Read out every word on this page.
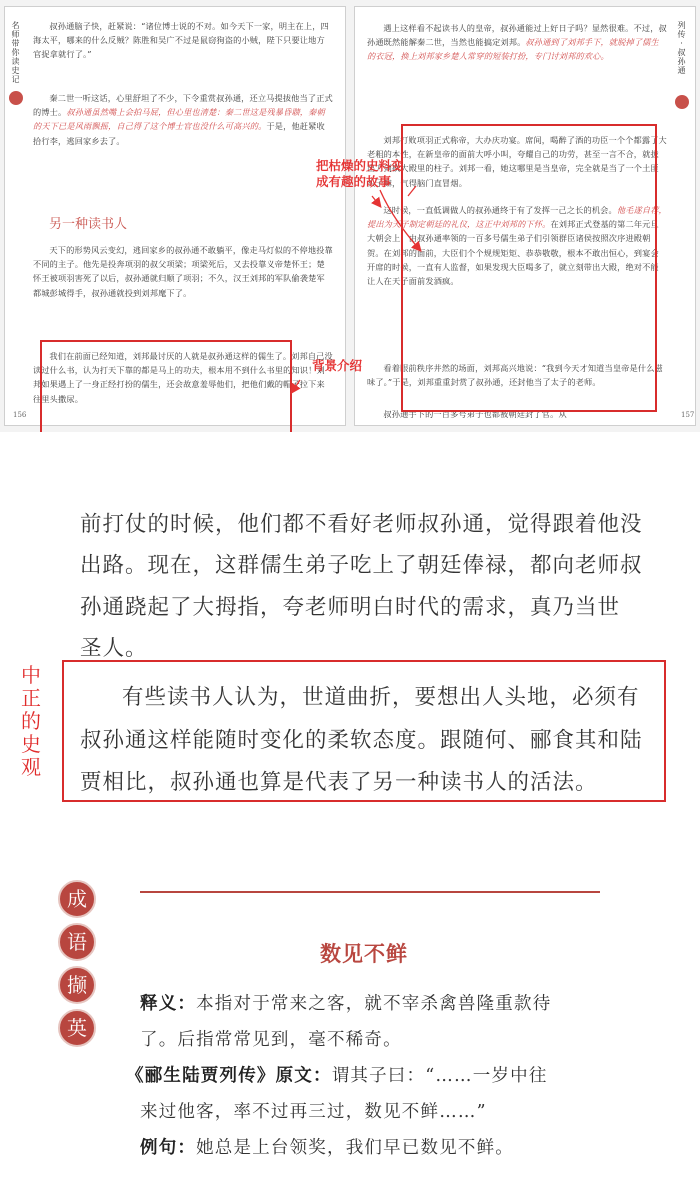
名师带你读史记
叔孙通脑子快，赶紧说：“诸位博士说的不对。如今天下一家，明主在上，四海太平，哪来的什么反贼？陈胜和吴广不过是鼠窃狗盗的小贼，陛下只要让地方官捉拿就行了。”
秦二世一听这话，心里舒坦了不少，下令重赏叔孙通，还立马提拔他当了正式的博士。叔孙通虽然嘴上会拍马屁，但心里也清楚：秦二世这是残暴昏聩，秦朝的天下已是风雨飘摇，自己得了这个博士官也没什么可高兴的。于是，他赶紧收拾行李，逃回家乡去了。
另一种读书人
天下的形势风云变幻，逃回家乡的叔孙通不敢躺平，像走马灯似的不停地投靠不同的主子。他先是投奔项羽的叔父项梁；项梁死后，又去投靠义帝楚怀王；楚怀王被项羽害死了以后，叔孙通就归顺了项羽；不久，汉王刘邦的军队偷袭楚军都城彭城得手，叔孙通就投到刘邦麾下了。
我们在前面已经知道，刘邦最讨厌的人就是叔孙通这样的儒生了。刘邦自己没读过什么书，认为打天下靠的都是马上的功夫，根本用不到什么书里的知识！刘邦如果遇上了一身正经打扮的儒生，还会故意羞辱他们，把他们戴的帽子拉下来往里头撒尿。
156
列传·叔孙通
遇上这样看不起读书人的皇帝，叔孙通能过上好日子吗？显然很难。不过，叔孙通既然能解秦二世，当然也能搞定刘邦。叔孙通到了刘邦手下，就脱掉了儒生的衣冠，换上刘邦家乡楚人常穿的短装打扮，专门讨刘邦的欢心。
刘邦打败项羽正式称帝，大办庆功宴。席间，喝醉了酒的功臣一个个都露了大老粗的本性，在新皇帝的面前大呼小叫，夸耀自己的功劳，甚至一言不合，就拔出刀剑砍大殿里的柱子。刘邦一看，她这哪里是当皇帝，完全就是当了一个土匪头子嘛，气得脑门直冒烟。
这时候，一直低调做人的叔孙通终于有了发挥一己之长的机会。他毛遂自荐，提出为天子制定朝廷的礼仪，这正中刘邦的下怀。在刘邦正式登基的第二年元旦大朝会上，由叔孙通率领的一百多号儒生弟子们引领群臣诸侯按照次序进殿朝贺。在刘邦的面前，大臣们个个规规矩矩、恭恭敬敬，根本不敢出恒心，到宴会开席的时候，一直有人监督，如果发现大臣喝多了，就立刻带出大殿，绝对不能让人在天子面前发酒疯。
看着眼前秩序井然的场面，刘邦高兴地说：“我到今天才知道当皇帝是什么滋味了。”于是，刘邦重重封赏了叔孙通，还封他当了太子的老师。
叔孙通手下的一百多号弟子也都被朝廷封了官。从	157
把枯燥的史料变成有趣的故事
背景介绍
前打仗的时候，他们都不看好老师叔孙通，觉得跟着他没
出路。现在，这群儒生弟子吃上了朝廷俸禄，都向老师叔
孙通跷起了大拇指，夸老师明白时代的需求，真乃当世
圣人。
有些读书人认为，世道曲折，要想出人头地，必须有
叔孙通这样能随时变化的柔软态度。跟随何、郦食其和陆
贾相比，叔孙通也算是代表了另一种读书人的活法。
中正的史观
成
语
撷
英
数见不鲜
释义：本指对于常来之客，就不宰杀禽兽隆重款待
了。后指常常见到，毫不稀奇。
《郦生陆贾列传》原文：谓其子曰：“……一岁中往
来过他客，率不过再三过，数见不鲜……”
例句：她总是上台领奖，我们早已数见不鲜。
